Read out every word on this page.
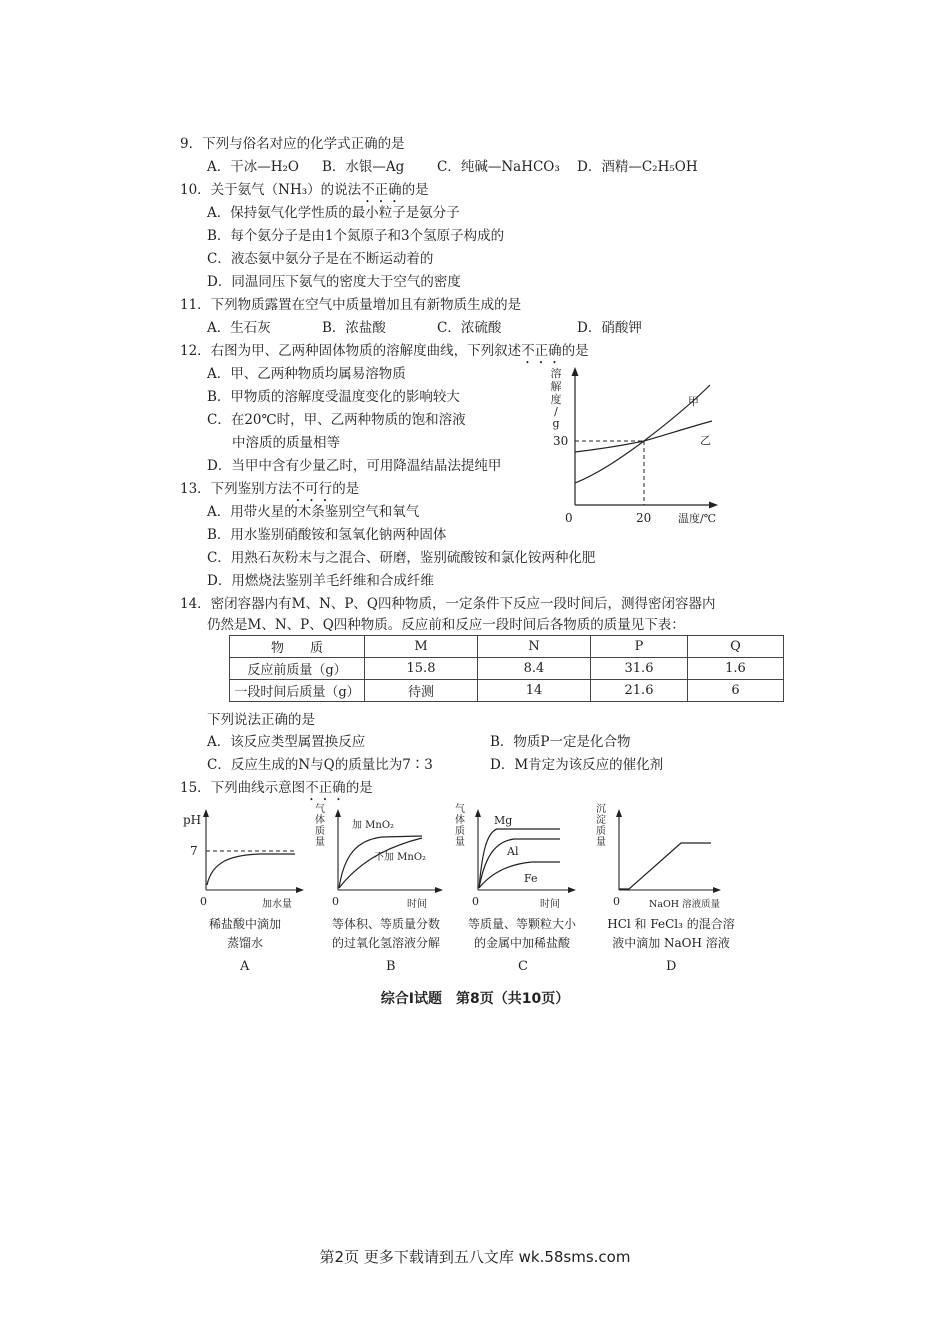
9．下列与俗名对应的化学式正确的是
A．干冰—H₂O B．水银—Ag C．纯碱—NaHCO₃ D．酒精—C₂H₅OH
10．关于氨气（NH₃）的说法不正确的是
A．保持氨气化学性质的最小粒子是氨分子
B．每个氨分子是由1个氮原子和3个氢原子构成的
C．液态氨中氨分子是在不断运动着的
D．同温同压下氨气的密度大于空气的密度
11．下列物质露置在空气中质量增加且有新物质生成的是
A．生石灰	B．浓盐酸	C．浓硫酸	D．硝酸钾
12．右图为甲、乙两种固体物质的溶解度曲线，下列叙述不正确的是
A．甲、乙两种物质均属易溶物质
B．甲物质的溶解度受温度变化的影响较大
C．在20℃时，甲、乙两种物质的饱和溶液
中溶质的质量相等
D．当甲中含有少量乙时，可用降温结晶法提纯甲
溶
解
度
/
g
甲
乙
30
20
0	温度/℃
13．下列鉴别方法不可行的是
A．用带火星的木条鉴别空气和氧气
B．用水鉴别硝酸铵和氢氧化钠两种固体
C．用熟石灰粉末与之混合、研磨，鉴别硫酸铵和氯化铵两种化肥
D．用燃烧法鉴别羊毛纤维和合成纤维
14．密闭容器内有M、N、P、Q四种物质，一定条件下反应一段时间后，测得密闭容器内
仍然是M、N、P、Q四种物质。反应前和反应一段时间后各物质的质量见下表：
物　　质	M	N	P	Q
反应前质量（g）	15.8	8.4	31.6	1.6
一段时间后质量（g）	待测	14	21.6	6
下列说法正确的是
A．该反应类型属置换反应	B．物质P一定是化合物
C．反应生成的N与Q的质量比为7∶3	D．M肯定为该反应的催化剂
15．下列曲线示意图不正确的是
pH
7
0	加水量
稀盐酸中滴加
蒸馏水
A
气
体
质
量
加 MnO₂
不加 MnO₂
0	时间
等体积、等质量分数
的过氧化氢溶液分解
B
气
体
质
量
Mg
Al
Fe
0	时间
等质量、等颗粒大小
的金属中加稀盐酸
C
沉
淀
质
量
0	NaOH 溶液质量
HCl 和 FeCl₃ 的混合溶
液中滴加 NaOH 溶液
D
综合Ⅰ试题　第8页（共10页）
第2页 更多下载请到五八文库 wk.58sms.com
